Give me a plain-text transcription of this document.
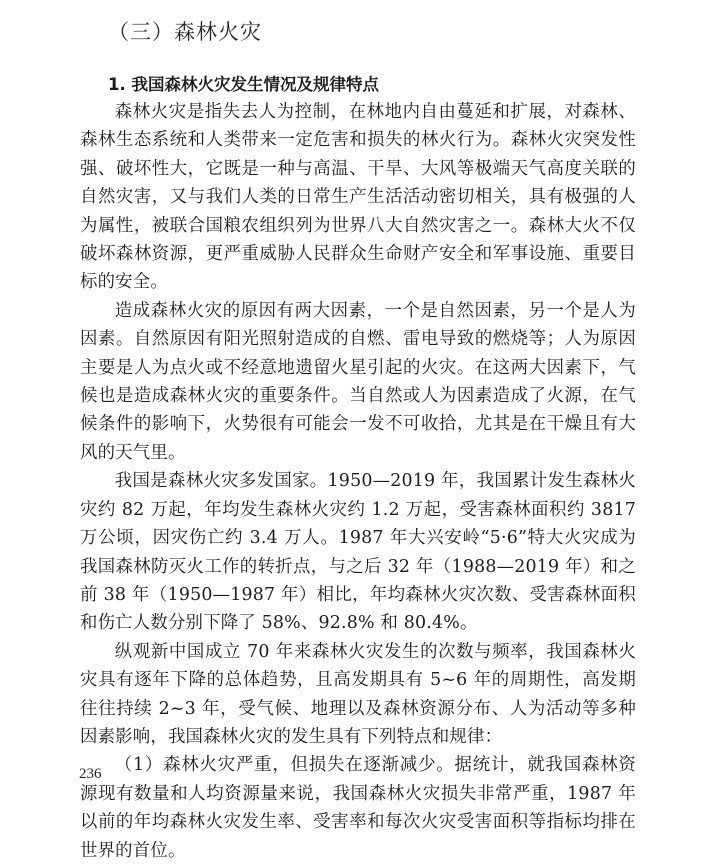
（三）森林火灾
1. 我国森林火灾发生情况及规律特点

森林火灾是指失去人为控制，在林地内自由蔓延和扩展，对森林、森林生态系统和人类带来一定危害和损失的林火行为。森林火灾突发性强、破坏性大，它既是一种与高温、干旱、大风等极端天气高度关联的自然灾害，又与我们人类的日常生产生活活动密切相关，具有极强的人为属性，被联合国粮农组织列为世界八大自然灾害之一。森林大火不仅破坏森林资源，更严重威胁人民群众生命财产安全和军事设施、重要目标的安全。

造成森林火灾的原因有两大因素，一个是自然因素，另一个是人为因素。自然原因有阳光照射造成的自燃、雷电导致的燃烧等；人为原因主要是人为点火或不经意地遗留火星引起的火灾。在这两大因素下，气候也是造成森林火灾的重要条件。当自然或人为因素造成了火源，在气候条件的影响下，火势很有可能会一发不可收拾，尤其是在干燥且有大风的天气里。

我国是森林火灾多发国家。1950—2019 年，我国累计发生森林火灾约 82 万起，年均发生森林火灾约 1.2 万起，受害森林面积约 3817 万公顷，因灾伤亡约 3.4 万人。1987 年大兴安岭“5·6”特大火灾成为我国森林防灭火工作的转折点，与之后 32 年（1988—2019 年）和之前 38 年（1950—1987 年）相比，年均森林火灾次数、受害森林面积和伤亡人数分别下降了 58%、92.8% 和 80.4%。

纵观新中国成立 70 年来森林火灾发生的次数与频率，我国森林火灾具有逐年下降的总体趋势，且高发期具有 5~6 年的周期性，高发期往往持续 2~3 年，受气候、地理以及森林资源分布、人为活动等多种因素影响，我国森林火灾的发生具有下列特点和规律：

（1）森林火灾严重，但损失在逐渐减少。据统计，就我国森林资源现有数量和人均资源量来说，我国森林火灾损失非常严重，1987 年以前的年均森林火灾发生率、受害率和每次火灾受害面积等指标均排在世界的首位。

236
